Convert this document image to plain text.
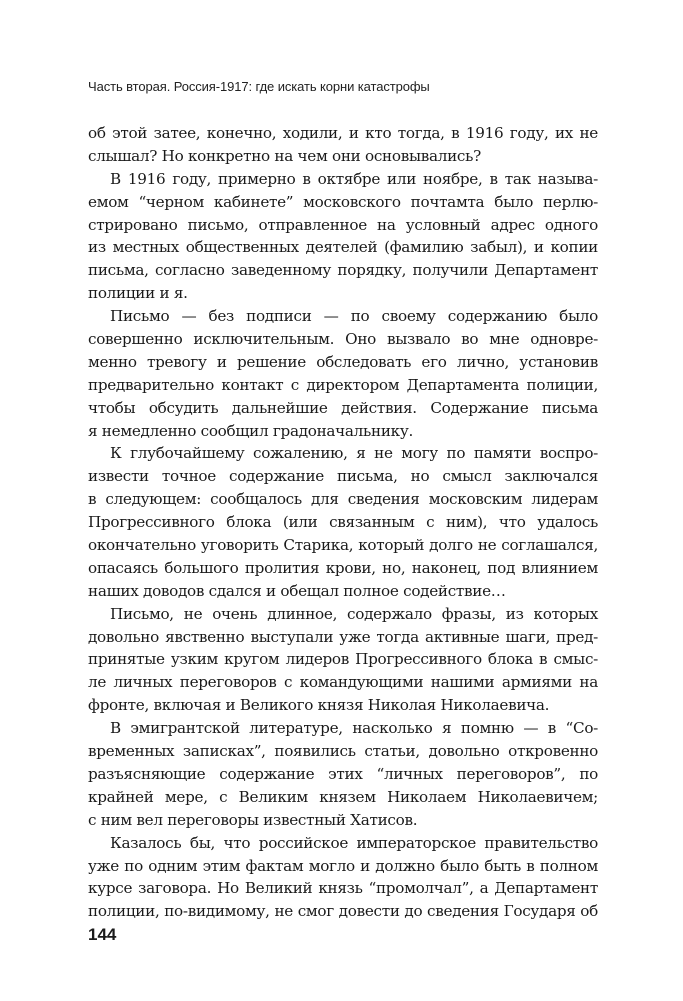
Часть вторая. Россия-1917: где искать корни катастрофы
об этой затее, конечно, ходили, и кто тогда, в 1916 году, их не
слышал? Но конкретно на чем они основывались?
В 1916 году, примерно в октябре или ноябре, в так называ-
емом “черном кабинете” московского почтамта было перлю-
стрировано письмо, отправленное на условный адрес одного
из местных общественных деятелей (фамилию забыл), и копии
письма, согласно заведенному порядку, получили Департамент
полиции и я.
Письмо — без подписи — по своему содержанию было
совершенно исключительным. Оно вызвало во мне одновре-
менно тревогу и решение обследовать его лично, установив
предварительно контакт с директором Департамента полиции,
чтобы обсудить дальнейшие действия. Содержание письма
я немедленно сообщил градоначальнику.
К глубочайшему сожалению, я не могу по памяти воспро-
извести точное содержание письма, но смысл заключался
в следующем: сообщалось для сведения московским лидерам
Прогрессивного блока (или связанным с ним), что удалось
окончательно уговорить Старика, который долго не соглашался,
опасаясь большого пролития крови, но, наконец, под влиянием
наших доводов сдался и обещал полное содействие…
Письмо, не очень длинное, содержало фразы, из которых
довольно явственно выступали уже тогда активные шаги, пред-
принятые узким кругом лидеров Прогрессивного блока в смыс-
ле личных переговоров с командующими нашими армиями на
фронте, включая и Великого князя Николая Николаевича.
В эмигрантской литературе, насколько я помню — в “Со-
временных записках”, появились статьи, довольно откровенно
разъясняющие содержание этих “личных переговоров”, по
крайней мере, с Великим князем Николаем Николаевичем;
с ним вел переговоры известный Хатисов.
Казалось бы, что российское императорское правительство
уже по одним этим фактам могло и должно было быть в полном
курсе заговора. Но Великий князь “промолчал”, а Департамент
полиции, по-видимому, не смог довести до сведения Государя об
144
